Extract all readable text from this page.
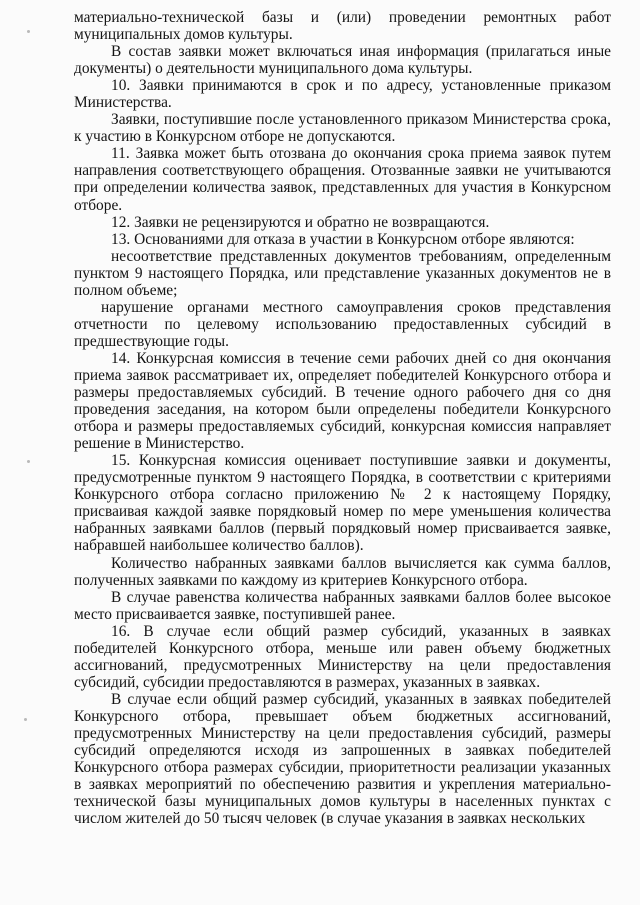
материально-технической базы и (или) проведении ремонтных работ муниципальных домов культуры.

В состав заявки может включаться иная информация (прилагаться иные документы) о деятельности муниципального дома культуры.

10. Заявки принимаются в срок и по адресу, установленные приказом Министерства.

Заявки, поступившие после установленного приказом Министерства срока, к участию в Конкурсном отборе не допускаются.

11. Заявка может быть отозвана до окончания срока приема заявок путем направления соответствующего обращения. Отозванные заявки не учитываются при определении количества заявок, представленных для участия в Конкурсном отборе.

12. Заявки не рецензируются и обратно не возвращаются.

13. Основаниями для отказа в участии в Конкурсном отборе являются:

несоответствие представленных документов требованиям, определенным пунктом 9 настоящего Порядка, или представление указанных документов не в полном объеме;

нарушение органами местного самоуправления сроков представления отчетности по целевому использованию предоставленных субсидий в предшествующие годы.

14. Конкурсная комиссия в течение семи рабочих дней со дня окончания приема заявок рассматривает их, определяет победителей Конкурсного отбора и размеры предоставляемых субсидий. В течение одного рабочего дня со дня проведения заседания, на котором были определены победители Конкурсного отбора и размеры предоставляемых субсидий, конкурсная комиссия направляет решение в Министерство.

15. Конкурсная комиссия оценивает поступившие заявки и документы, предусмотренные пунктом 9 настоящего Порядка, в соответствии с критериями Конкурсного отбора согласно приложению № 2 к настоящему Порядку, присваивая каждой заявке порядковый номер по мере уменьшения количества набранных заявками баллов (первый порядковый номер присваивается заявке, набравшей наибольшее количество баллов).

Количество набранных заявками баллов вычисляется как сумма баллов, полученных заявками по каждому из критериев Конкурсного отбора.

В случае равенства количества набранных заявками баллов более высокое место присваивается заявке, поступившей ранее.

16. В случае если общий размер субсидий, указанных в заявках победителей Конкурсного отбора, меньше или равен объему бюджетных ассигнований, предусмотренных Министерству на цели предоставления субсидий, субсидии предоставляются в размерах, указанных в заявках.

В случае если общий размер субсидий, указанных в заявках победителей Конкурсного отбора, превышает объем бюджетных ассигнований, предусмотренных Министерству на цели предоставления субсидий, размеры субсидий определяются исходя из запрошенных в заявках победителей Конкурсного отбора размерах субсидии, приоритетности реализации указанных в заявках мероприятий по обеспечению развития и укрепления материально-технической базы муниципальных домов культуры в населенных пунктах с числом жителей до 50 тысяч человек (в случае указания в заявках нескольких
